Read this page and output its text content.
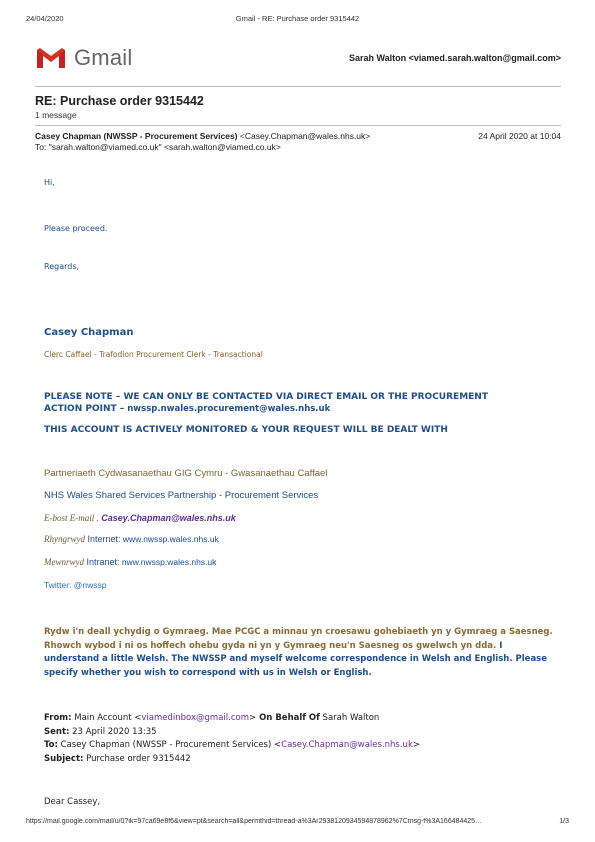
24/04/2020	Gmail - RE: Purchase order 9315442
Gmail	Sarah Walton <viamed.sarah.walton@gmail.com>
RE: Purchase order 9315442
1 message
Casey Chapman (NWSSP - Procurement Services) <Casey.Chapman@wales.nhs.uk>	24 April 2020 at 10:04
To: "sarah.walton@viamed.co.uk" <sarah.walton@viamed.co.uk>
Hi,
Please proceed.
Regards,
Casey Chapman
Clerc Caffael - Trafodion Procurement Clerk - Transactional
PLEASE NOTE – WE CAN ONLY BE CONTACTED VIA DIRECT EMAIL OR THE PROCUREMENT
ACTION POINT – nwssp.nwales.procurement@wales.nhs.uk
THIS ACCOUNT IS ACTIVELY MONITORED & YOUR REQUEST WILL BE DEALT WITH
Partneriaeth Cydwasanaethau GIG Cymru - Gwasanaethau Caffael
NHS Wales Shared Services Partnership - Procurement Services
E-bost E-mail . Casey.Chapman@wales.nhs.uk
Rhyngrwyd Internet: www.nwssp.wales.nhs.uk
Mewnrwyd Intranet: nww.nwssp.wales.nhs.uk
Twitter: @nwssp
Rydw i'n deall ychydig o Gymraeg. Mae PCGC a minnau yn croesawu gohebiaeth yn y Gymraeg a Saesneg. Rhowch wybod i ni os hoffech ohebu gyda ni yn y Gymraeg neu'n Saesneg os gwelwch yn dda. I understand a little Welsh. The NWSSP and myself welcome correspondence in Welsh and English. Please specify whether you wish to correspond with us in Welsh or English.
From: Main Account <viamedinbox@gmail.com> On Behalf Of Sarah Walton
Sent: 23 April 2020 13:35
To: Casey Chapman (NWSSP - Procurement Services) <Casey.Chapman@wales.nhs.uk>
Subject: Purchase order 9315442
Dear Cassey,
https://mail.google.com/mail/u/0?ik=97ca69e8f6&view=pt&search=all&permthid=thread-a%3Ar2938120934594878962%7Cmsg-f%3A166484425…	1/3
